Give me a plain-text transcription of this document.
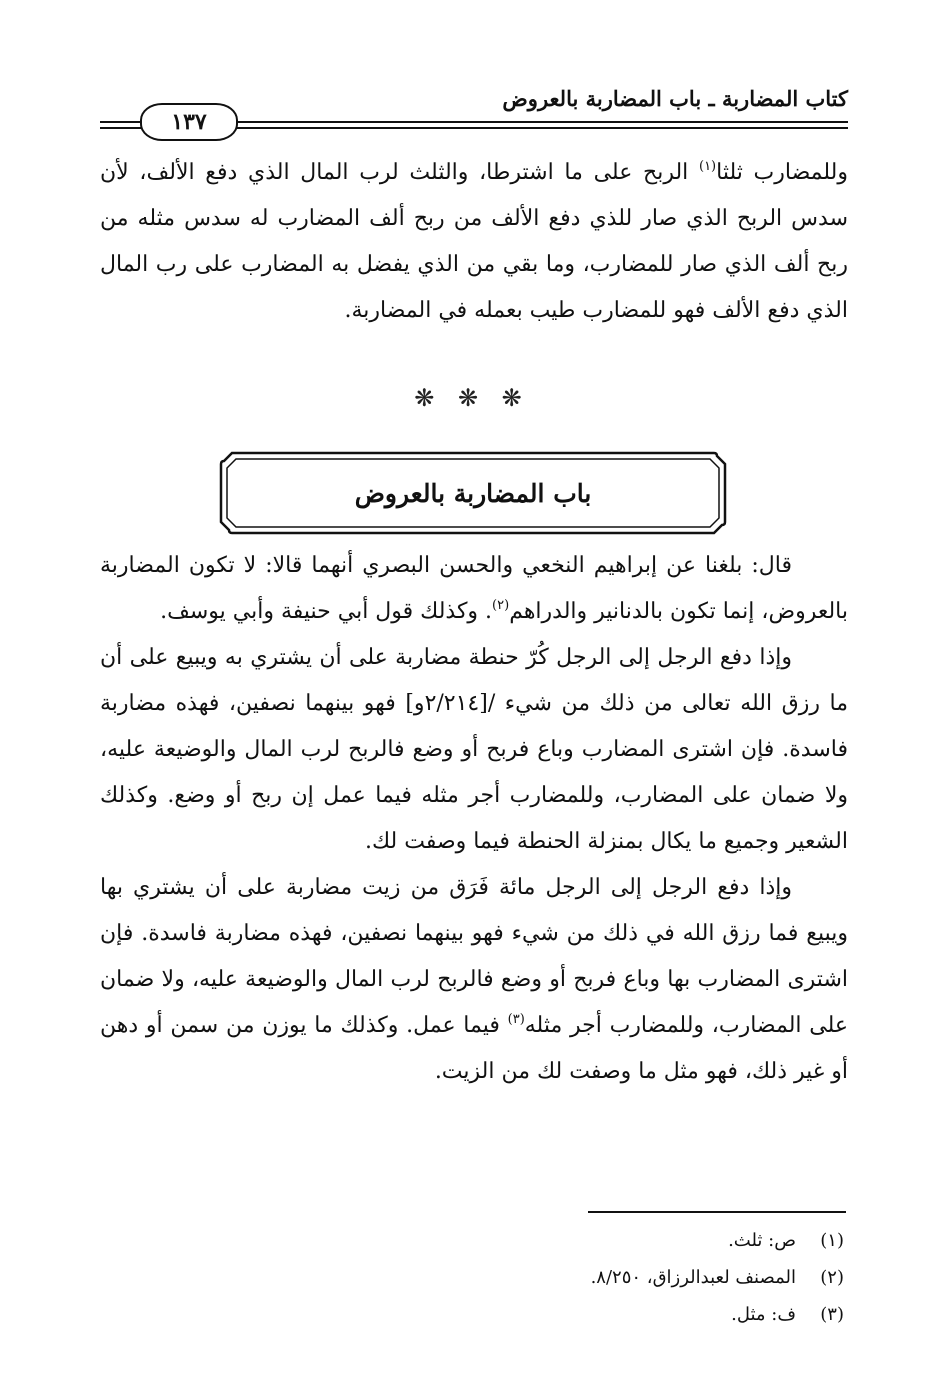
كتاب المضاربة ـ باب المضاربة بالعروض
١٣٧

وللمضارب ثلثا$^{(١)}$ الربح على ما اشترطا، والثلث لرب المال الذي دفع الألف، لأن سدس الربح الذي صار للذي دفع الألف من ربح ألف المضارب له سدس مثله من ربح ألف الذي صار للمضارب، وما بقي من الذي يفضل به المضارب على رب المال الذي دفع الألف فهو للمضارب طيب بعمله في المضاربة.

❋ ❋ ❋
باب المضاربة بالعروض

قال: بلغنا عن إبراهيم النخعي والحسن البصري أنهما قالا: لا تكون المضاربة بالعروض، إنما تكون بالدنانير والدراهم$^{(٢)}$. وكذلك قول أبي حنيفة وأبي يوسف.

وإذا دفع الرجل إلى الرجل كُرّ حنطة مضاربة على أن يشتري به ويبيع على أن ما رزق الله تعالى من ذلك من شيء /[٢/٢١٤و] فهو بينهما نصفين، فهذه مضاربة فاسدة. فإن اشترى المضارب وباع فربح أو وضع فالربح لرب المال والوضيعة عليه، ولا ضمان على المضارب، وللمضارب أجر مثله فيما عمل إن ربح أو وضع. وكذلك الشعير وجميع ما يكال بمنزلة الحنطة فيما وصفت لك.

وإذا دفع الرجل إلى الرجل مائة فَرَق من زيت مضاربة على أن يشتري بها ويبيع فما رزق الله في ذلك من شيء فهو بينهما نصفين، فهذه مضاربة فاسدة. فإن اشترى المضارب بها وباع فربح أو وضع فالربح لرب المال والوضيعة عليه، ولا ضمان على المضارب، وللمضارب أجر مثله$^{(٣)}$ فيما عمل. وكذلك ما يوزن من سمن أو دهن أو غير ذلك، فهو مثل ما وصفت لك من الزيت.

(١)
ص: ثلث.
(٢)
المصنف لعبدالرزاق، ٨/٢٥٠.
(٣)
ف: مثل.
